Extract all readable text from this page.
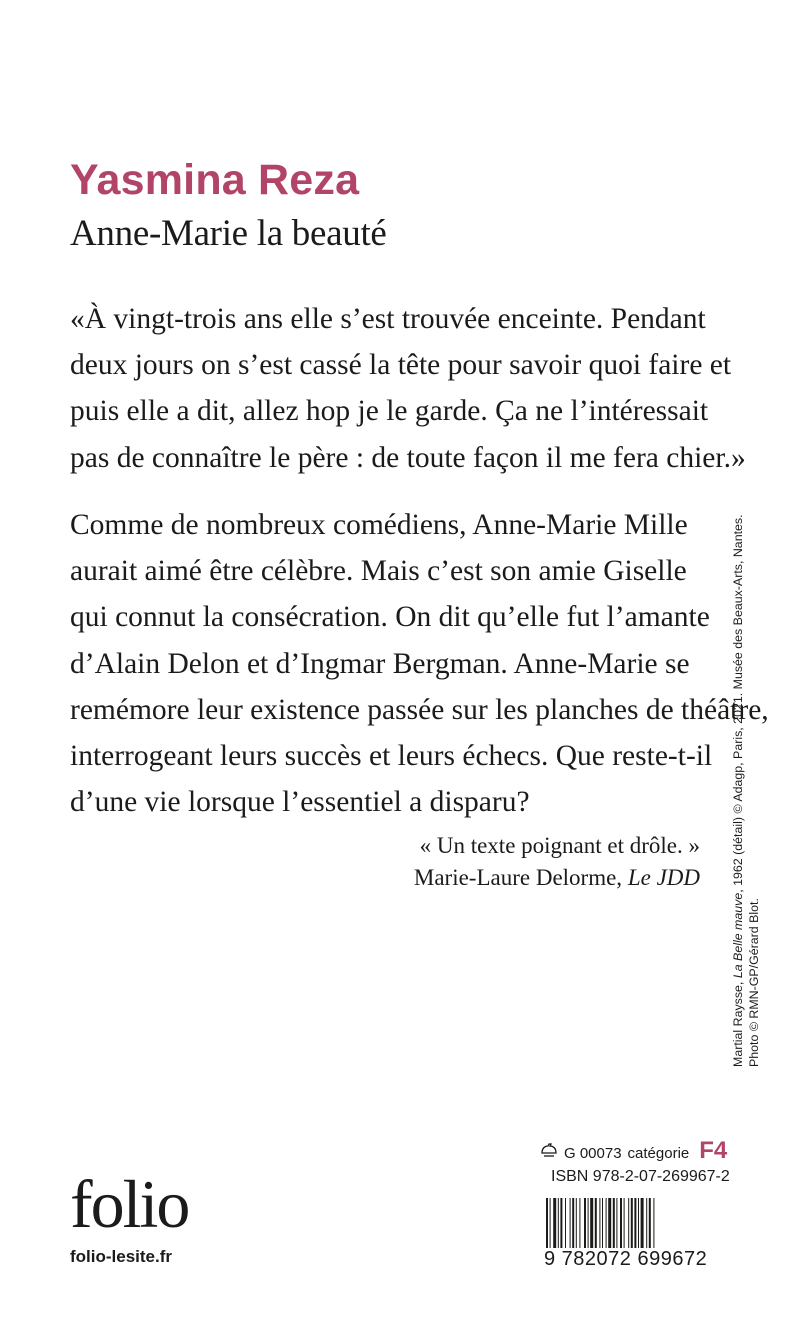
Yasmina Reza
Anne-Marie la beauté
«À vingt-trois ans elle s’est trouvée enceinte. Pendant
deux jours on s’est cassé la tête pour savoir quoi faire et
puis elle a dit, allez hop je le garde. Ça ne l’intéressait
pas de connaître le père : de toute façon il me fera chier.»
Comme de nombreux comédiens, Anne-Marie Mille
aurait aimé être célèbre. Mais c’est son amie Giselle
qui connut la consécration. On dit qu’elle fut l’amante
d’Alain Delon et d’Ingmar Bergman. Anne-Marie se
remémore leur existence passée sur les planches de théâtre,
interrogeant leurs succès et leurs échecs. Que reste-t-il
d’une vie lorsque l’essentiel a disparu?
« Un texte poignant et drôle. »
Marie-Laure Delorme, Le JDD
Martial Raysse, La Belle mauve, 1962 (détail) © Adagp, Paris, 2021. Musée des Beaux-Arts, Nantes.
Photo © RMN-GP/Gérard Blot.
G 00073 catégorie F4
ISBN 978-2-07-269967-2
folio
folio-lesite.fr	9 782072 699672
